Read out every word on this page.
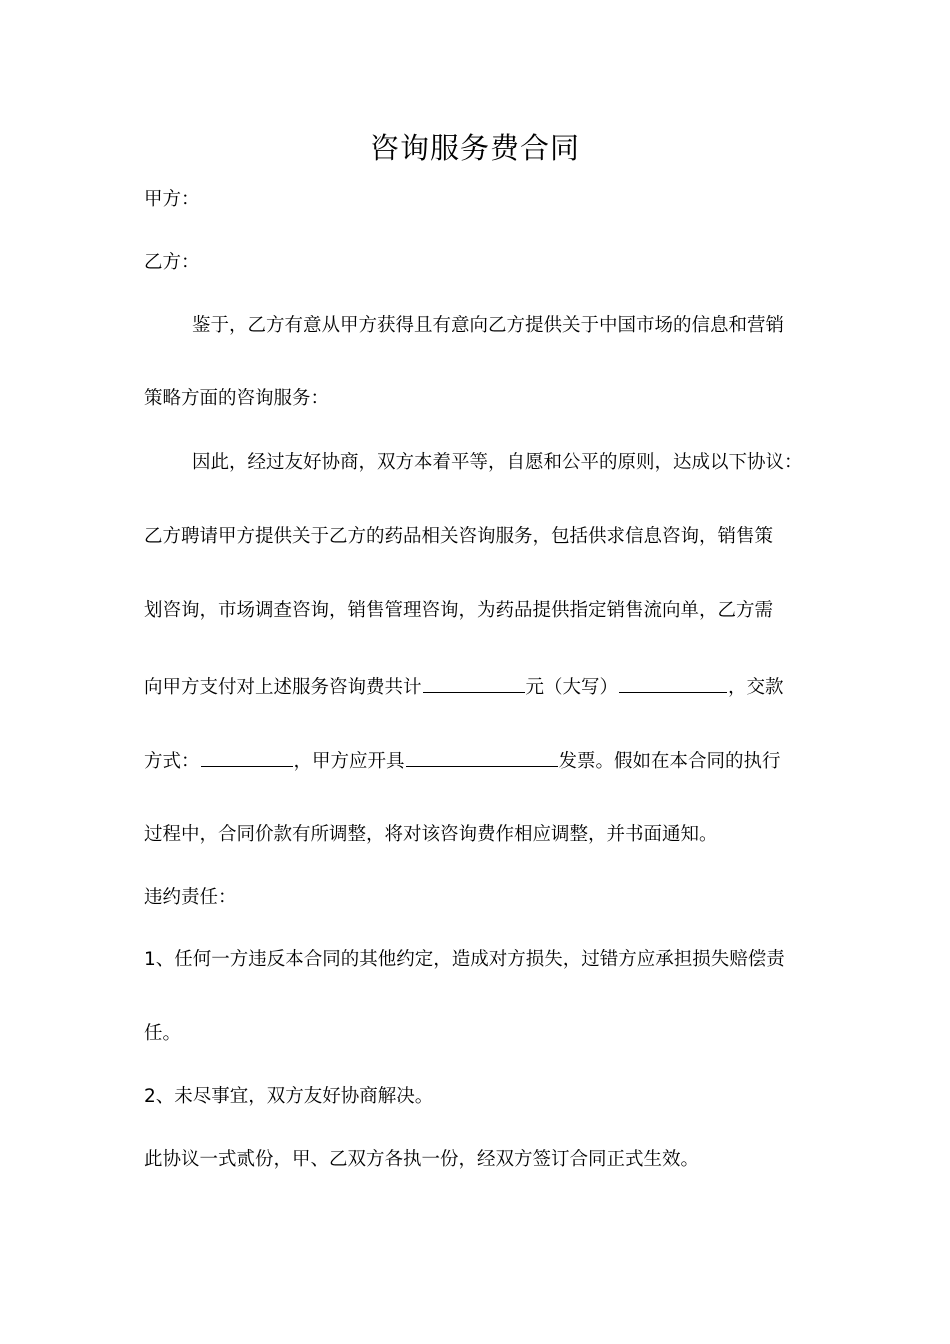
咨询服务费合同
甲方：
乙方：
鉴于，乙方有意从甲方获得且有意向乙方提供关于中国市场的信息和营销
策略方面的咨询服务：
因此，经过友好协商，双方本着平等，自愿和公平的原则，达成以下协议：
乙方聘请甲方提供关于乙方的药品相关咨询服务，包括供求信息咨询，销售策
划咨询，市场调查咨询，销售管理咨询，为药品提供指定销售流向单，乙方需
向甲方支付对上述服务咨询费共计	元（大写）	，交款
方式：	，甲方应开具	发票。假如在本合同的执行
过程中，合同价款有所调整，将对该咨询费作相应调整，并书面通知。
违约责任：
1、任何一方违反本合同的其他约定，造成对方损失，过错方应承担损失赔偿责
任。
2、未尽事宜，双方友好协商解决。
此协议一式贰份，甲、乙双方各执一份，经双方签订合同正式生效。
